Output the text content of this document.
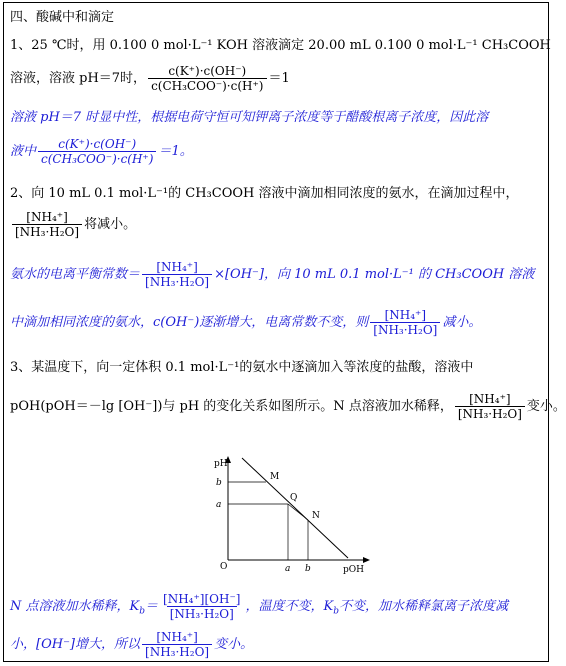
四、酸碱中和滴定
1、25 ℃时，用 0.100 0 mol·L⁻¹ KOH 溶液滴定 20.00 mL 0.100 0 mol·L⁻¹ CH₃COOH
溶液，溶液 pH＝7时， $\frac{c(K^+)\cdot c(OH^-)}{\text{c(CH₃COO⁻)·c(H⁺)}} =1$
溶液 pH＝7 时显中性，根据电荷守恒可知钾离子浓度等于醋酸根离子浓度，因此溶
液中 $\frac{c(K^+)\cdot c(OH^-)}{\text{c(CH₃COO⁻)·c(H⁺)}} =1$。
2、向 10 mL 0.1 mol·L⁻¹的 CH₃COOH 溶液中滴加相同浓度的氨水，在滴加过程中，
$\frac{\text{[NH₄⁺]}}{\text{[NH₃·H₂O]}}$ 将减小。
氨水的电离平衡常数＝ $\frac{\text{[NH₄⁺]}}{\text{[NH₃·H₂O]}} \times[OH^-]$，向 10 mL 0.1 mol·L⁻¹ 的 CH₃COOH 溶液
中滴加相同浓度的氨水，c(OH⁻)逐渐增大，电离常数不变，则 $\frac{\text{[NH₄⁺]}}{\text{[NH₃·H₂O]}}$ 减小。
3、某温度下，向一定体积 0.1 mol·L⁻¹的氨水中逐滴加入等浓度的盐酸，溶液中
pOH(pOH＝－lg [OH⁻])与 pH 的变化关系如图所示。N 点溶液加水稀释， $\frac{\text{[NH₄⁺]}}{\text{[NH₃·H₂O]}}$ 变小。
pH
pOH
O
b
a
a b
M
Q
N
N 点溶液加水稀释，$K_b= \frac{\text{[NH₄⁺][OH⁻]}}{\text{[NH₃·H₂O]}}$ ，温度不变，$K_b$不变，加水稀释氯离子浓度减
小，[OH⁻]增大，所以 $\frac{\text{[NH₄⁺]}}{\text{[NH₃·H₂O]}}$ 变小。
